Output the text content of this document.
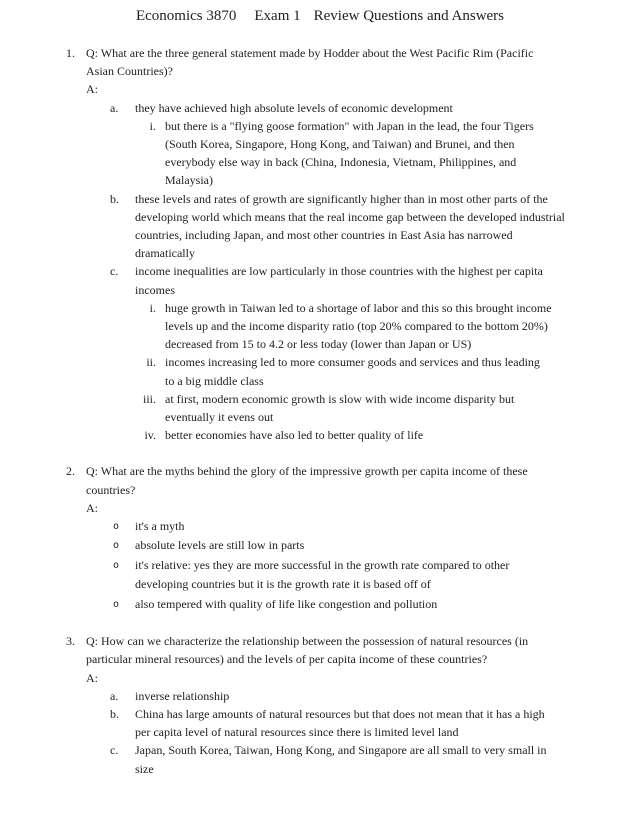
Economics 3870 Exam 1 Review Questions and Answers
1. Q: What are the three general statement made by Hodder about the West Pacific Rim (Pacific
Asian Countries)?
A:
a.	they have achieved high absolute levels of economic development
i. but there is a "flying goose formation" with Japan in the lead, the four Tigers
(South Korea, Singapore, Hong Kong, and Taiwan) and Brunei, and then
everybody else way in back (China, Indonesia, Vietnam, Philippines, and
Malaysia)
b.	these levels and rates of growth are significantly higher than in most other parts of the
developing world which means that the real income gap between the developed industrial
countries, including Japan, and most other countries in East Asia has narrowed
dramatically
c.	income inequalities are low particularly in those countries with the highest per capita
incomes
i. huge growth in Taiwan led to a shortage of labor and this so this brought income
levels up and the income disparity ratio (top 20% compared to the bottom 20%)
decreased from 15 to 4.2 or less today (lower than Japan or US)
ii. incomes increasing led to more consumer goods and services and thus leading
to a big middle class
iii. at first, modern economic growth is slow with wide income disparity but
eventually it evens out
iv. better economies have also led to better quality of life
2. Q: What are the myths behind the glory of the impressive growth per capita income of these
countries?
A:
o	it's a myth
o	absolute levels are still low in parts
o	it's relative: yes they are more successful in the growth rate compared to other
developing countries but it is the growth rate it is based off of
o	also tempered with quality of life like congestion and pollution
3. Q: How can we characterize the relationship between the possession of natural resources (in
particular mineral resources) and the levels of per capita income of these countries?
A:
a.	inverse relationship
b.	China has large amounts of natural resources but that does not mean that it has a high
per capita level of natural resources since there is limited level land
c.	Japan, South Korea, Taiwan, Hong Kong, and Singapore are all small to very small in
size
